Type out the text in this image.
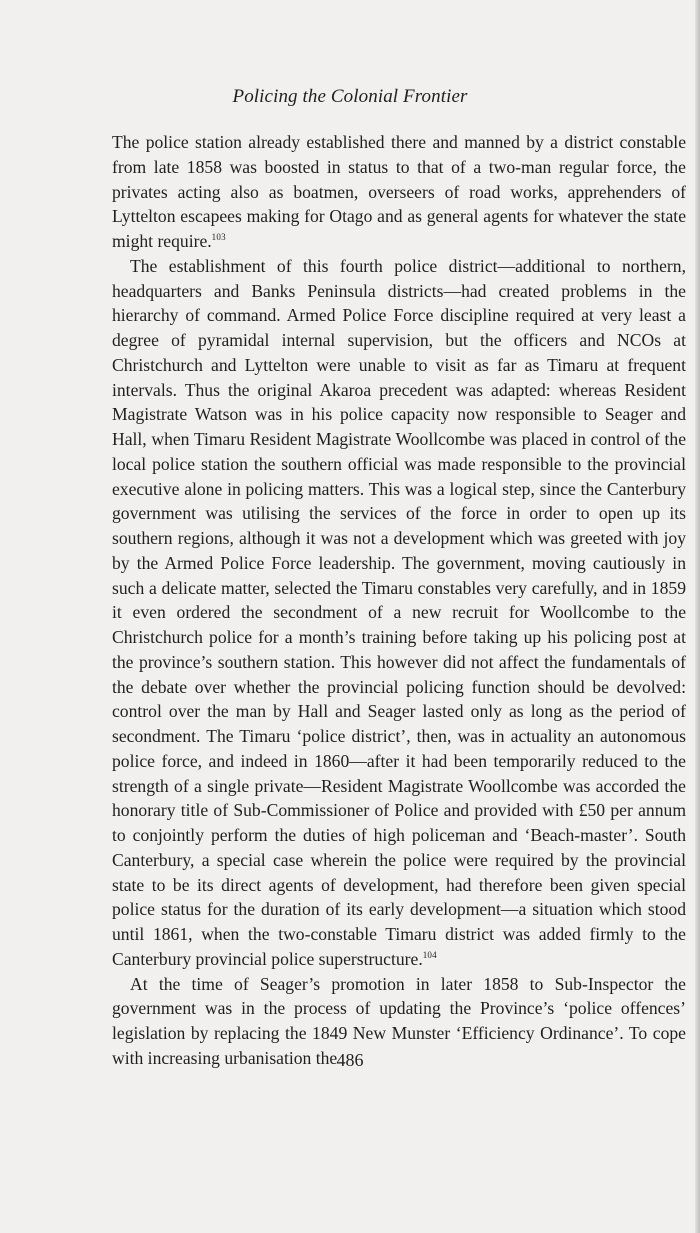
Policing the Colonial Frontier

The police station already established there and manned by a district constable from late 1858 was boosted in status to that of a two-man regular force, the privates acting also as boatmen, overseers of road works, apprehenders of Lyttelton escapees making for Otago and as general agents for whatever the state might require.$^{103}$

The establishment of this fourth police district—additional to northern, headquarters and Banks Peninsula districts—had created problems in the hierarchy of command. Armed Police Force discipline required at very least a degree of pyramidal internal supervision, but the officers and NCOs at Christchurch and Lyttelton were unable to visit as far as Timaru at frequent intervals. Thus the original Akaroa precedent was adapted: whereas Resident Magistrate Watson was in his police capacity now responsible to Seager and Hall, when Timaru Resident Magistrate Woollcombe was placed in control of the local police station the southern official was made responsible to the provincial executive alone in policing matters. This was a logical step, since the Canterbury government was utilising the services of the force in order to open up its southern regions, although it was not a development which was greeted with joy by the Armed Police Force leadership. The government, moving cautiously in such a delicate matter, selected the Timaru constables very carefully, and in 1859 it even ordered the secondment of a new recruit for Woollcombe to the Christchurch police for a month’s training before taking up his policing post at the province’s southern station. This however did not affect the fundamentals of the debate over whether the provincial policing function should be devolved: control over the man by Hall and Seager lasted only as long as the period of secondment. The Timaru ‘police district’, then, was in actuality an autonomous police force, and indeed in 1860—after it had been temporarily reduced to the strength of a single private—Resident Magistrate Woollcombe was accorded the honorary title of Sub-Commissioner of Police and provided with £50 per annum to conjointly perform the duties of high policeman and ‘Beach-master’. South Canterbury, a special case wherein the police were required by the provincial state to be its direct agents of development, had therefore been given special police status for the duration of its early development—a situation which stood until 1861, when the two-constable Timaru district was added firmly to the Canterbury provincial police superstructure.$^{104}$

At the time of Seager’s promotion in later 1858 to Sub-Inspector the government was in the process of updating the Province’s ‘police offences’ legislation by replacing the 1849 New Munster ‘Efficiency Ordinance’. To cope with increasing urbanisation the 486
